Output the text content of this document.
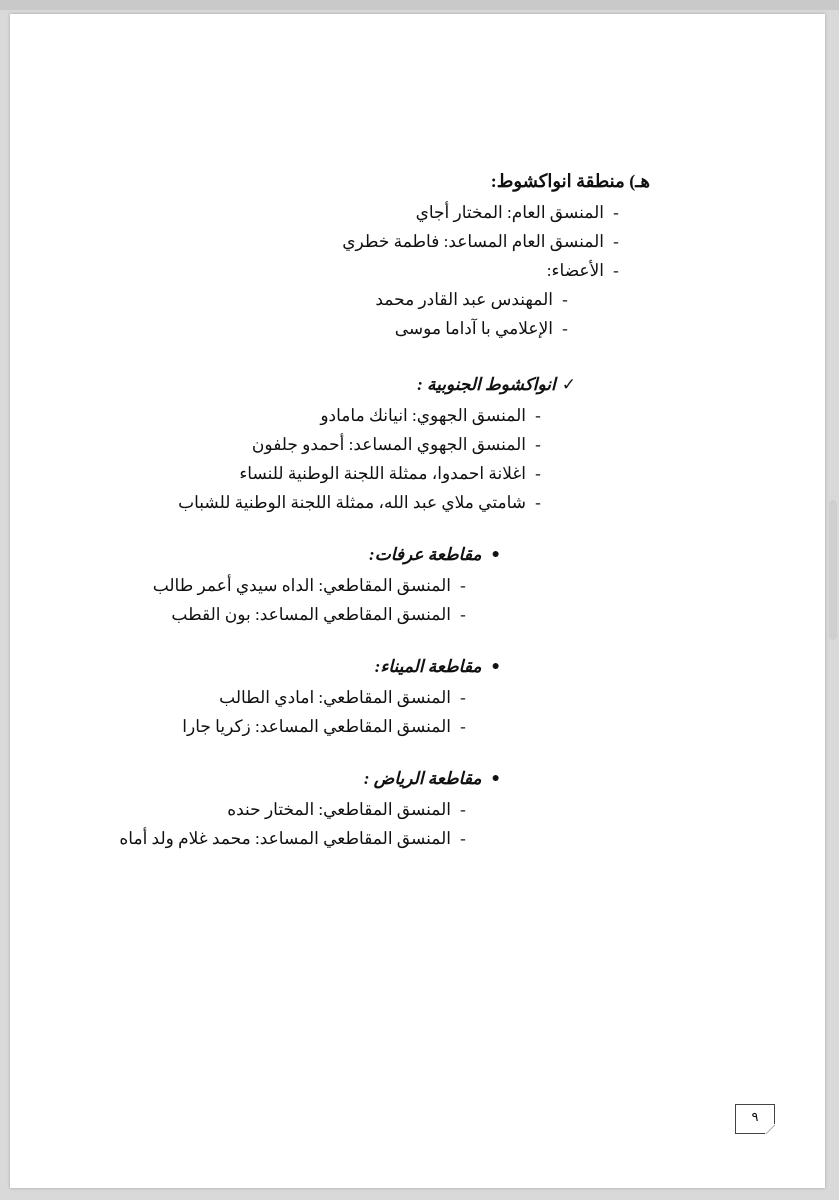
هـ) منطقة انواكشوط:
-
المنسق العام: المختار أجاي
-
المنسق العام المساعد: فاطمة خطري
-
الأعضاء:
-
المهندس عبد القادر محمد
-
الإعلامي با آداما موسى
✓
انواكشوط الجنوبية :
-
المنسق الجهوي: انيانك مامادو
-
المنسق الجهوي المساعد: أحمدو جلفون
-
اغلانة احمدوا، ممثلة اللجنة الوطنية للنساء
-
شامتي ملاي عبد الله، ممثلة اللجنة الوطنية للشباب
●
مقاطعة عرفات:
-
المنسق المقاطعي: الداه سيدي أعمر طالب
-
المنسق المقاطعي المساعد: بون القطب
●
مقاطعة الميناء:
-
المنسق المقاطعي: امادي الطالب
-
المنسق المقاطعي المساعد: زكريا جارا
●
مقاطعة الرياض :
-
المنسق المقاطعي: المختار حنده
-
المنسق المقاطعي المساعد: محمد غلام ولد أماه
٩
